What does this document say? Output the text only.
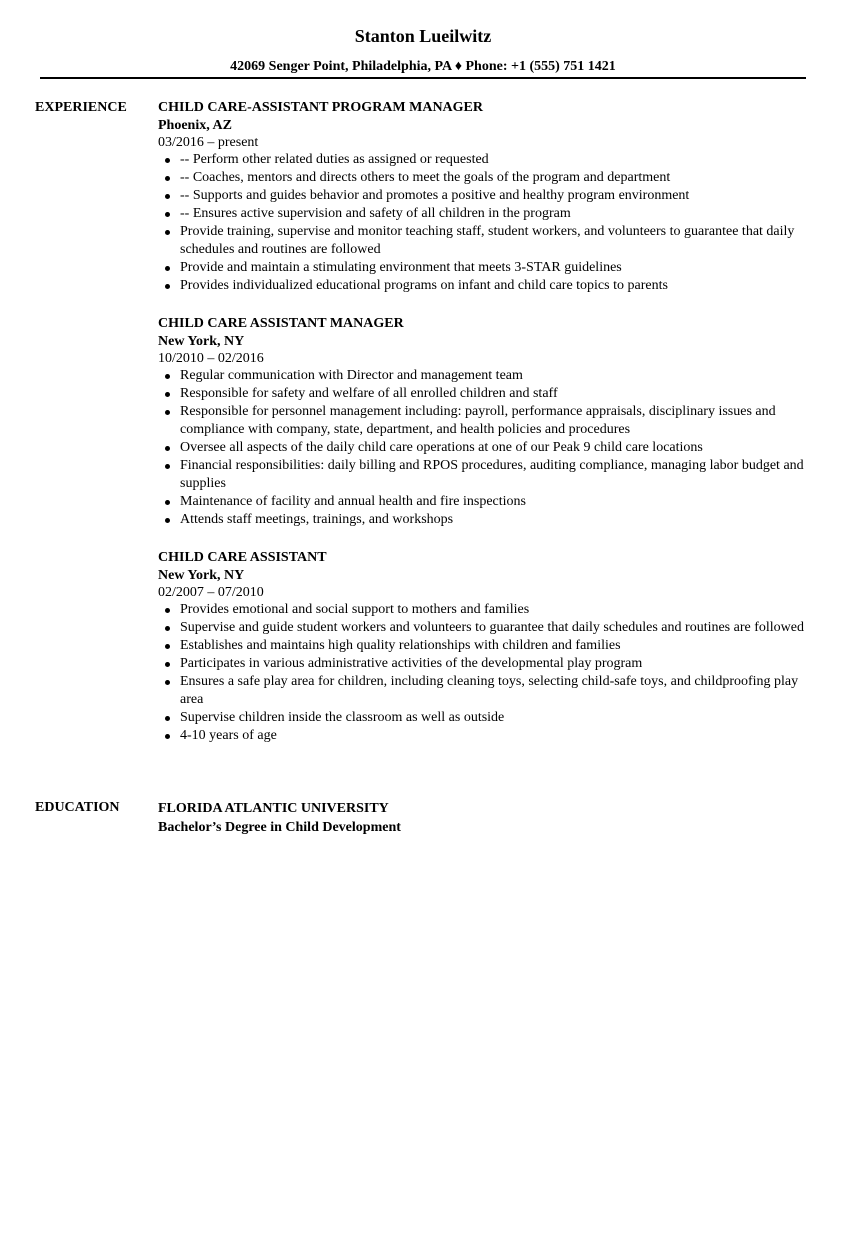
Stanton Lueilwitz
42069 Senger Point, Philadelphia, PA ♦ Phone: +1 (555) 751 1421
EXPERIENCE CHILD CARE-ASSISTANT PROGRAM MANAGER
Phoenix, AZ
03/2016 – present
-- Perform other related duties as assigned or requested
-- Coaches, mentors and directs others to meet the goals of the program and department
-- Supports and guides behavior and promotes a positive and healthy program environment
-- Ensures active supervision and safety of all children in the program
Provide training, supervise and monitor teaching staff, student workers, and volunteers to guarantee that daily schedules and routines are followed
Provide and maintain a stimulating environment that meets 3-STAR guidelines
Provides individualized educational programs on infant and child care topics to parents
CHILD CARE ASSISTANT MANAGER
New York, NY
10/2010 – 02/2016
Regular communication with Director and management team
Responsible for safety and welfare of all enrolled children and staff
Responsible for personnel management including: payroll, performance appraisals, disciplinary issues and compliance with company, state, department, and health policies and procedures
Oversee all aspects of the daily child care operations at one of our Peak 9 child care locations
Financial responsibilities: daily billing and RPOS procedures, auditing compliance, managing labor budget and supplies
Maintenance of facility and annual health and fire inspections
Attends staff meetings, trainings, and workshops
CHILD CARE ASSISTANT
New York, NY
02/2007 – 07/2010
Provides emotional and social support to mothers and families
Supervise and guide student workers and volunteers to guarantee that daily schedules and routines are followed
Establishes and maintains high quality relationships with children and families
Participates in various administrative activities of the developmental play program
Ensures a safe play area for children, including cleaning toys, selecting child-safe toys, and childproofing play area
Supervise children inside the classroom as well as outside
4-10 years of age
EDUCATION	FLORIDA ATLANTIC UNIVERSITY
Bachelor’s Degree in Child Development
